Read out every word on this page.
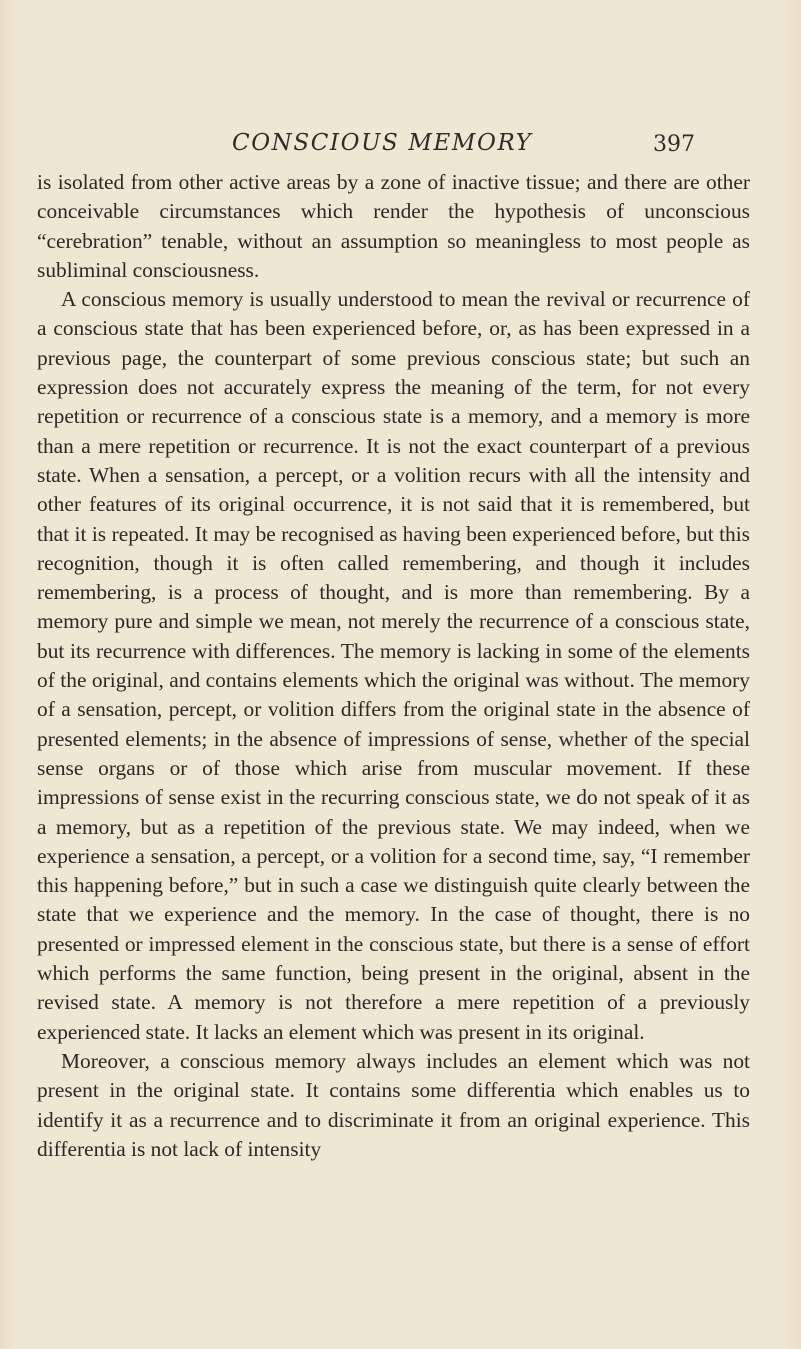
CONSCIOUS MEMORY	397

is isolated from other active areas by a zone of inactive tissue; and there are other conceivable circumstances which render the hypothesis of unconscious “cerebration” tenable, without an assumption so meaningless to most people as subliminal consciousness.

A conscious memory is usually understood to mean the revival or recurrence of a conscious state that has been experienced before, or, as has been expressed in a previous page, the counterpart of some previous conscious state; but such an expression does not accurately express the meaning of the term, for not every repetition or recurrence of a conscious state is a memory, and a memory is more than a mere repetition or recurrence. It is not the exact counterpart of a previous state. When a sensation, a percept, or a volition recurs with all the intensity and other features of its original occurrence, it is not said that it is remembered, but that it is repeated. It may be recognised as having been experienced before, but this recognition, though it is often called remembering, and though it includes remembering, is a process of thought, and is more than remembering. By a memory pure and simple we mean, not merely the recurrence of a conscious state, but its recurrence with differences. The memory is lacking in some of the elements of the original, and contains elements which the original was without. The memory of a sensation, percept, or volition differs from the original state in the absence of presented elements; in the absence of impressions of sense, whether of the special sense organs or of those which arise from muscular movement. If these impressions of sense exist in the recurring conscious state, we do not speak of it as a memory, but as a repetition of the previous state. We may indeed, when we experience a sensation, a percept, or a volition for a second time, say, “I remember this happening before,” but in such a case we distinguish quite clearly between the state that we experience and the memory. In the case of thought, there is no presented or impressed element in the conscious state, but there is a sense of effort which performs the same function, being present in the original, absent in the revised state. A memory is not therefore a mere repetition of a previously experienced state. It lacks an element which was present in its original.

Moreover, a conscious memory always includes an element which was not present in the original state. It contains some differentia which enables us to identify it as a recurrence and to discriminate it from an original experience. This differentia is not lack of intensity
